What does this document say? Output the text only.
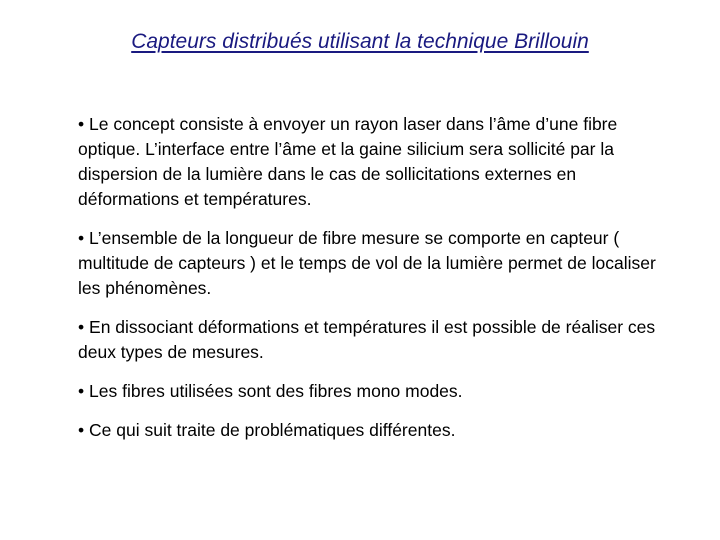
Capteurs distribués utilisant la technique Brillouin
• Le concept consiste à envoyer un rayon laser dans l’âme d’une fibre optique. L’interface entre l’âme et la gaine silicium sera sollicité par la dispersion de la lumière dans le cas de sollicitations externes en déformations et températures.
• L’ensemble de la longueur de fibre mesure se comporte en capteur ( multitude de capteurs ) et le temps de vol de la lumière permet de localiser les phénomènes.
• En dissociant déformations et températures il est possible de réaliser ces deux types de mesures.
• Les fibres utilisées sont des fibres mono modes.
• Ce qui suit traite de problématiques différentes.
